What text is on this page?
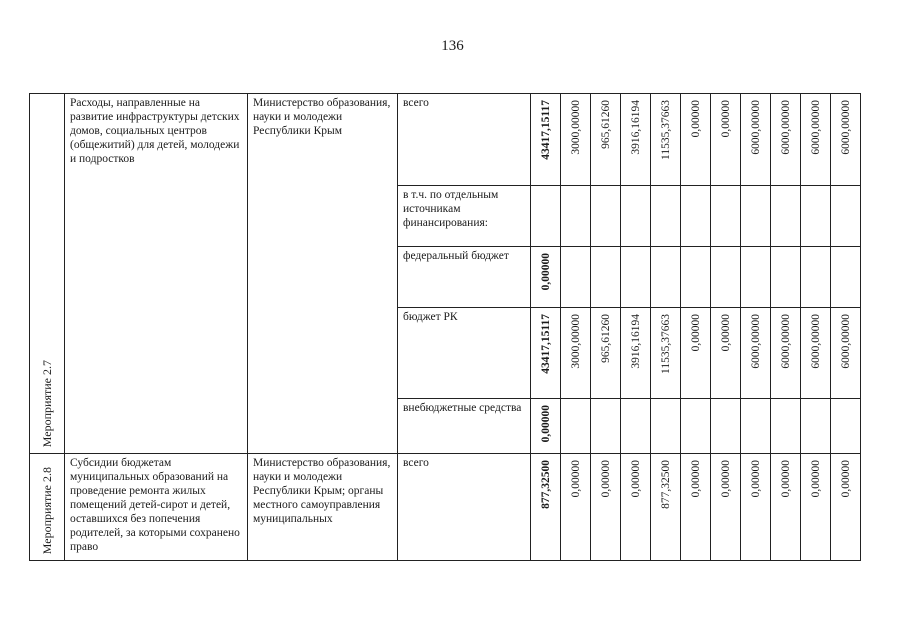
136
Мероприятие 2.7	Расходы, направленные на развитие инфраструктуры детских домов, социальных центров (общежитий) для детей, молодежи и подростков	Министерство образования, науки и молодежи Республики Крым	всего	43417,15117	3000,00000	965,61260	3916,16194	11535,37663	0,00000	0,00000	6000,00000	6000,00000	6000,00000	6000,00000

			в т.ч. по отдельным источникам финансирования:											

			федеральный бюджет	0,00000										

			бюджет РК	43417,15117	3000,00000	965,61260	3916,16194	11535,37663	0,00000	0,00000	6000,00000	6000,00000	6000,00000	6000,00000

			внебюджетные средства	0,00000										

Мероприятие 2.8	Субсидии бюджетам муниципальных образований на проведение ремонта жилых помещений детей-сирот и детей, оставшихся без попечения родителей, за которыми сохранено право	Министерство образования, науки и молодежи Республики Крым; органы местного самоуправления муниципальных	всего	877,32500	0,00000	0,00000	0,00000	877,32500	0,00000	0,00000	0,00000	0,00000	0,00000	0,00000
